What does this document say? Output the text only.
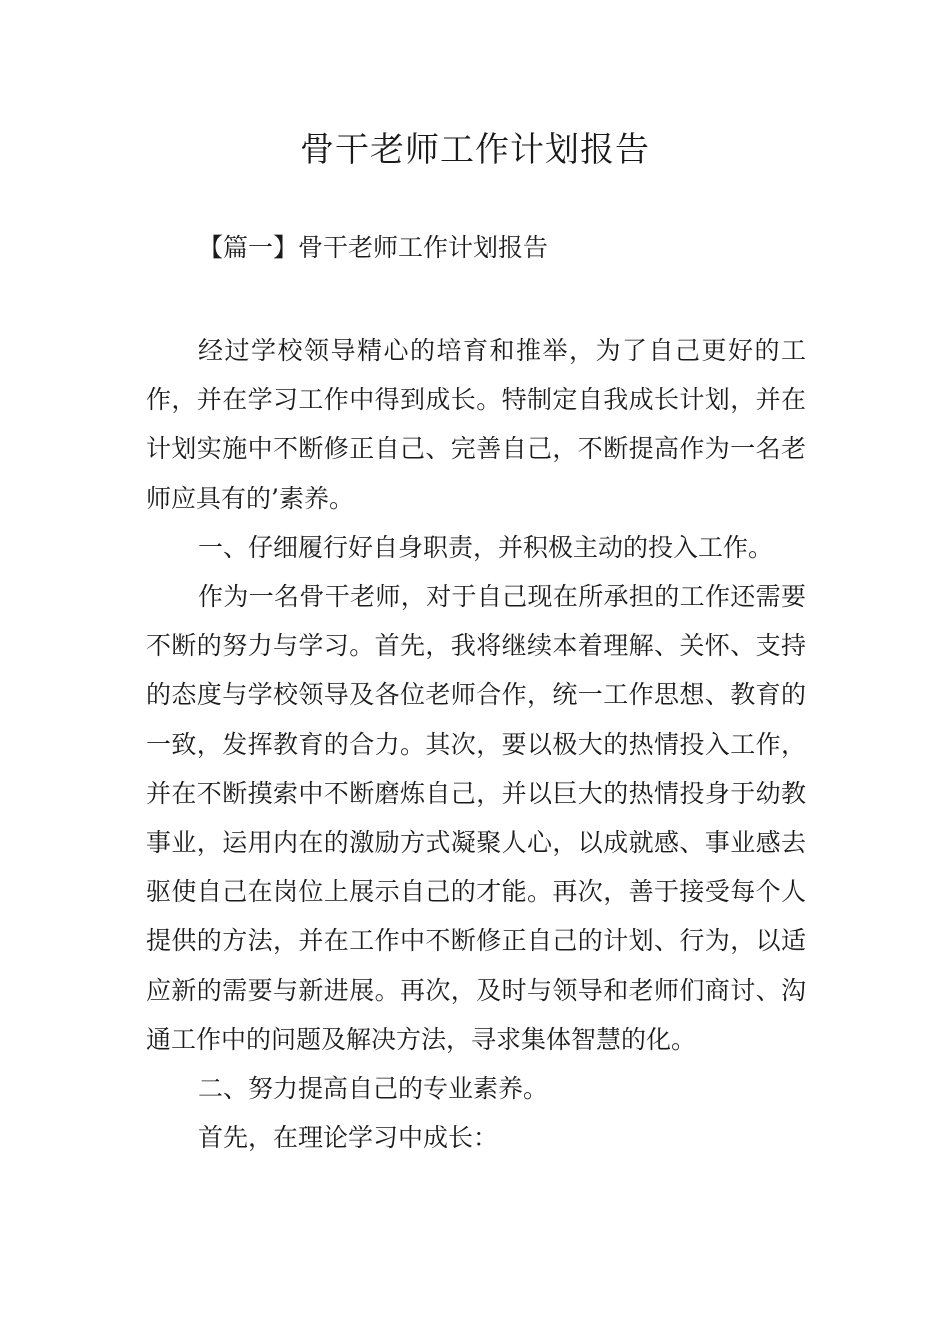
骨干老师工作计划报告

【篇一】骨干老师工作计划报告

经过学校领导精心的培育和推举，为了自己更好的工作，并在学习工作中得到成长。特制定自我成长计划，并在计划实施中不断修正自己、完善自己，不断提高作为一名老师应具有的’素养。

一、仔细履行好自身职责，并积极主动的投入工作。

作为一名骨干老师，对于自己现在所承担的工作还需要不断的努力与学习。首先，我将继续本着理解、关怀、支持的态度与学校领导及各位老师合作，统一工作思想、教育的一致，发挥教育的合力。其次，要以极大的热情投入工作，并在不断摸索中不断磨炼自己，并以巨大的热情投身于幼教事业，运用内在的激励方式凝聚人心，以成就感、事业感去驱使自己在岗位上展示自己的才能。再次，善于接受每个人提供的方法，并在工作中不断修正自己的计划、行为，以适应新的需要与新进展。再次，及时与领导和老师们商讨、沟通工作中的问题及解决方法，寻求集体智慧的化。

二、努力提高自己的专业素养。

首先，在理论学习中成长：
